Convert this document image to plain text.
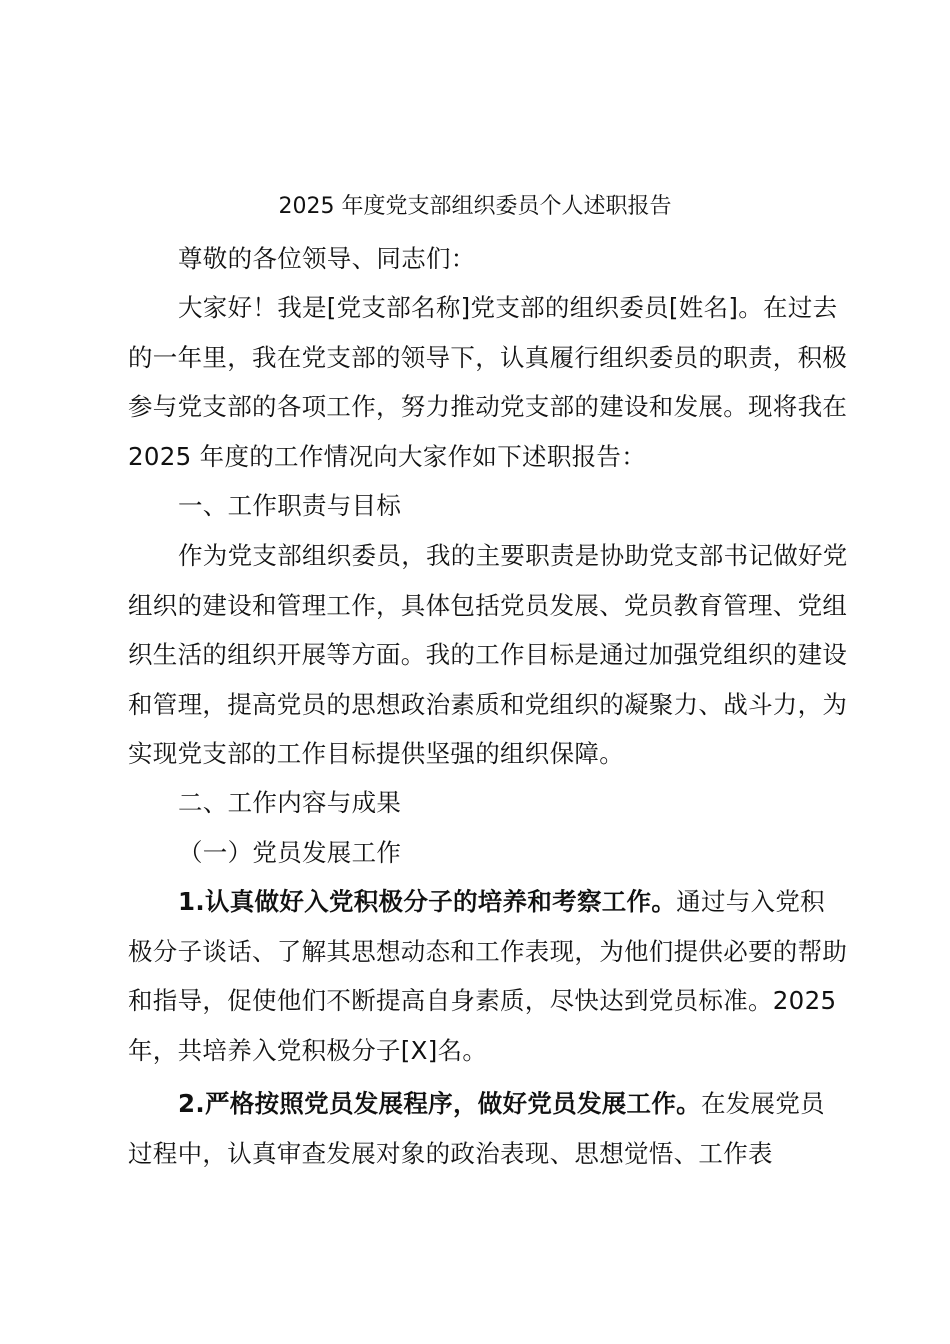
2025 年度党支部组织委员个人述职报告

尊敬的各位领导、同志们：

大家好！我是[党支部名称]党支部的组织委员[姓名]。在过去的一年里，我在党支部的领导下，认真履行组织委员的职责，积极参与党支部的各项工作，努力推动党支部的建设和发展。现将我在 2025 年度的工作情况向大家作如下述职报告：

一、工作职责与目标

作为党支部组织委员，我的主要职责是协助党支部书记做好党组织的建设和管理工作，具体包括党员发展、党员教育管理、党组织生活的组织开展等方面。我的工作目标是通过加强党组织的建设和管理，提高党员的思想政治素质和党组织的凝聚力、战斗力，为实现党支部的工作目标提供坚强的组织保障。

二、工作内容与成果

（一）党员发展工作

1.认真做好入党积极分子的培养和考察工作。通过与入党积极分子谈话、了解其思想动态和工作表现，为他们提供必要的帮助和指导，促使他们不断提高自身素质，尽快达到党员标准。2025 年，共培养入党积极分子[X]名。

2.严格按照党员发展程序，做好党员发展工作。在发展党员过程中，认真审查发展对象的政治表现、思想觉悟、工作表
